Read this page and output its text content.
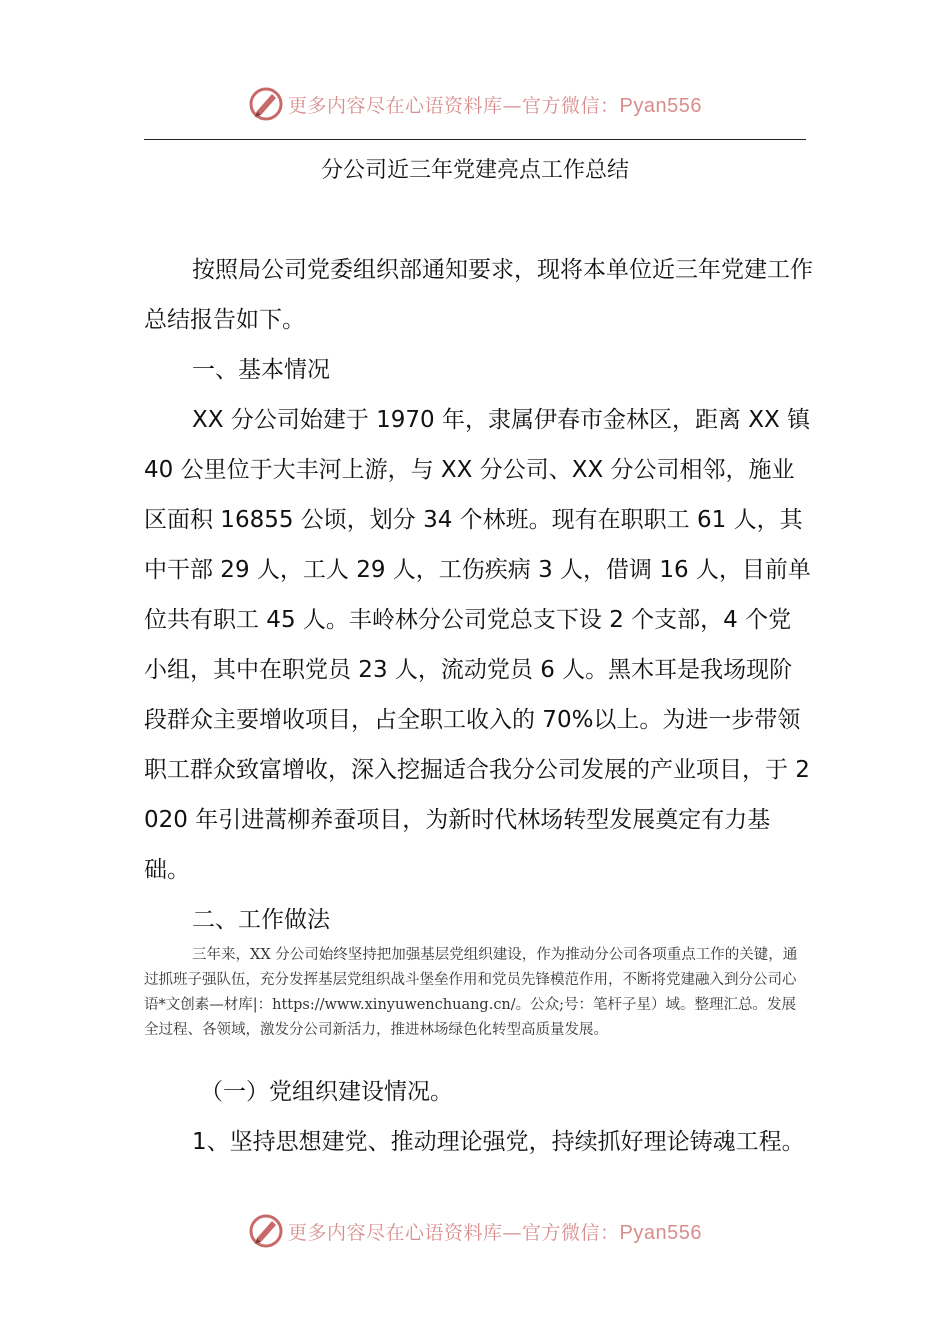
更多内容尽在心语资料库—官方微信：Pyan556
分公司近三年党建亮点工作总结

按照局公司党委组织部通知要求，现将本单位近三年党建工作总结报告如下。

一、基本情况

XX 分公司始建于 1970 年，隶属伊春市金林区，距离 XX 镇 40 公里位于大丰河上游，与 XX 分公司、XX 分公司相邻，施业区面积 16855 公顷，划分 34 个林班。现有在职职工 61 人，其中干部 29 人，工人 29 人，工伤疾病 3 人，借调 16 人，目前单位共有职工 45 人。丰岭林分公司党总支下设 2 个支部，4 个党小组，其中在职党员 23 人，流动党员 6 人。黑木耳是我场现阶段群众主要增收项目，占全职工收入的 70%以上。为进一步带领职工群众致富增收，深入挖掘适合我分公司发展的产业项目，于 2020 年引进蒿柳养蚕项目，为新时代林场转型发展奠定有力基础。

二、工作做法

三年来，XX 分公司始终坚持把加强基层党组织建设，作为推动分公司各项重点工作的关键，通过抓班子强队伍，充分发挥基层党组织战斗堡垒作用和党员先锋模范作用，不断将党建融入到分公司心语*文创素—材库|：https://www.xinyuwenchuang.cn/。公众;号：笔杆子星）域。整理汇总。发展全过程、各领域，激发分公司新活力，推进林场绿色化转型高质量发展。

（一）党组织建设情况。

1、坚持思想建党、推动理论强党，持续抓好理论铸魂工程。

更多内容尽在心语资料库—官方微信：Pyan556
